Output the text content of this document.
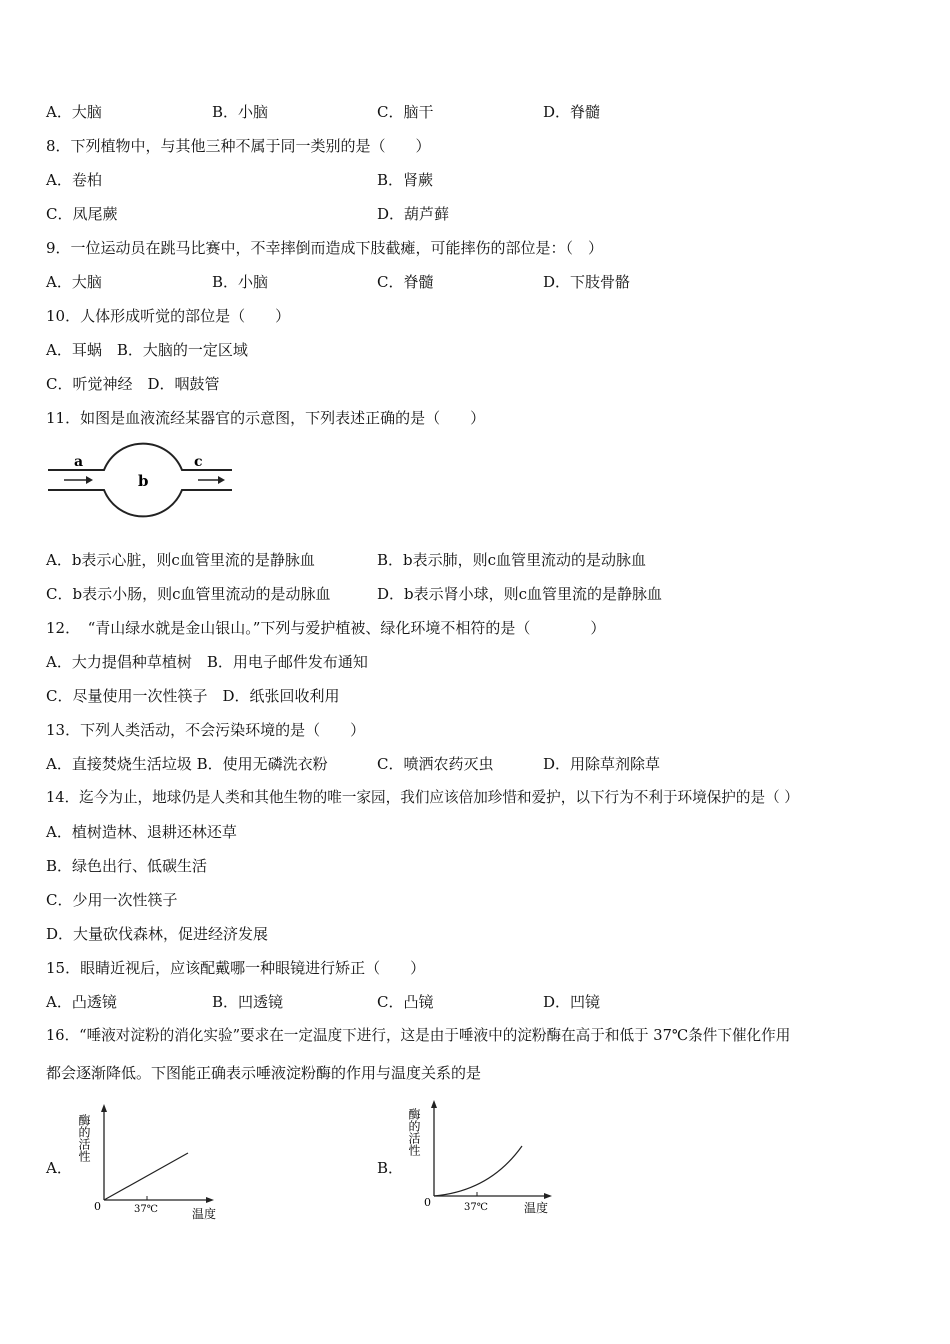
A．大脑	B．小脑	C．脑干	D．脊髓
8．下列植物中，与其他三种不属于同一类别的是（　　）
A．卷柏	B．肾蕨
C．凤尾蕨	D．葫芦藓
9．一位运动员在跳马比赛中，不幸摔倒而造成下肢截瘫，可能摔伤的部位是：（　）
A．大脑	B．小脑	C．脊髓	D．下肢骨骼
10．人体形成听觉的部位是（　　）
A．耳蜗　B．大脑的一定区域
C．听觉神经　D．咽鼓管
11．如图是血液流经某器官的示意图，下列表述正确的是（　　）
a
b
c
A．b表示心脏，则c血管里流的是静脉血	B．b表示肺，则c血管里流动的是动脉血
C．b表示小肠，则c血管里流动的是动脉血	D．b表示肾小球，则c血管里流的是静脉血
12．　“青山绿水就是金山银山。”下列与爱护植被、绿化环境不相符的是（　　　　）
A．大力提倡种草植树　B．用电子邮件发布通知
C．尽量使用一次性筷子　D．纸张回收利用
13．下列人类活动，不会污染环境的是（　　）
A．直接焚烧生活垃圾 B．使用无磷洗衣粉	C．喷洒农药灭虫	D．用除草剂除草
14．迄今为止，地球仍是人类和其他生物的唯一家园，我们应该倍加珍惜和爱护，以下行为不利于环境保护的是（ ）
A．植树造林、退耕还林还草
B．绿色出行、低碳生活
C．少用一次性筷子
D．大量砍伐森林，促进经济发展
15．眼睛近视后，应该配戴哪一种眼镜进行矫正（　　）
A．凸透镜	B．凹透镜	C．凸镜	D．凹镜
16．“唾液对淀粉的消化实验”要求在一定温度下进行，这是由于唾液中的淀粉酶在高于和低于 37℃条件下催化作用
都会逐渐降低。下图能正确表示唾液淀粉酶的作用与温度关系的是
A．
酶的活性
0	37℃	温度
B．
酶的活性
0	37℃	温度
